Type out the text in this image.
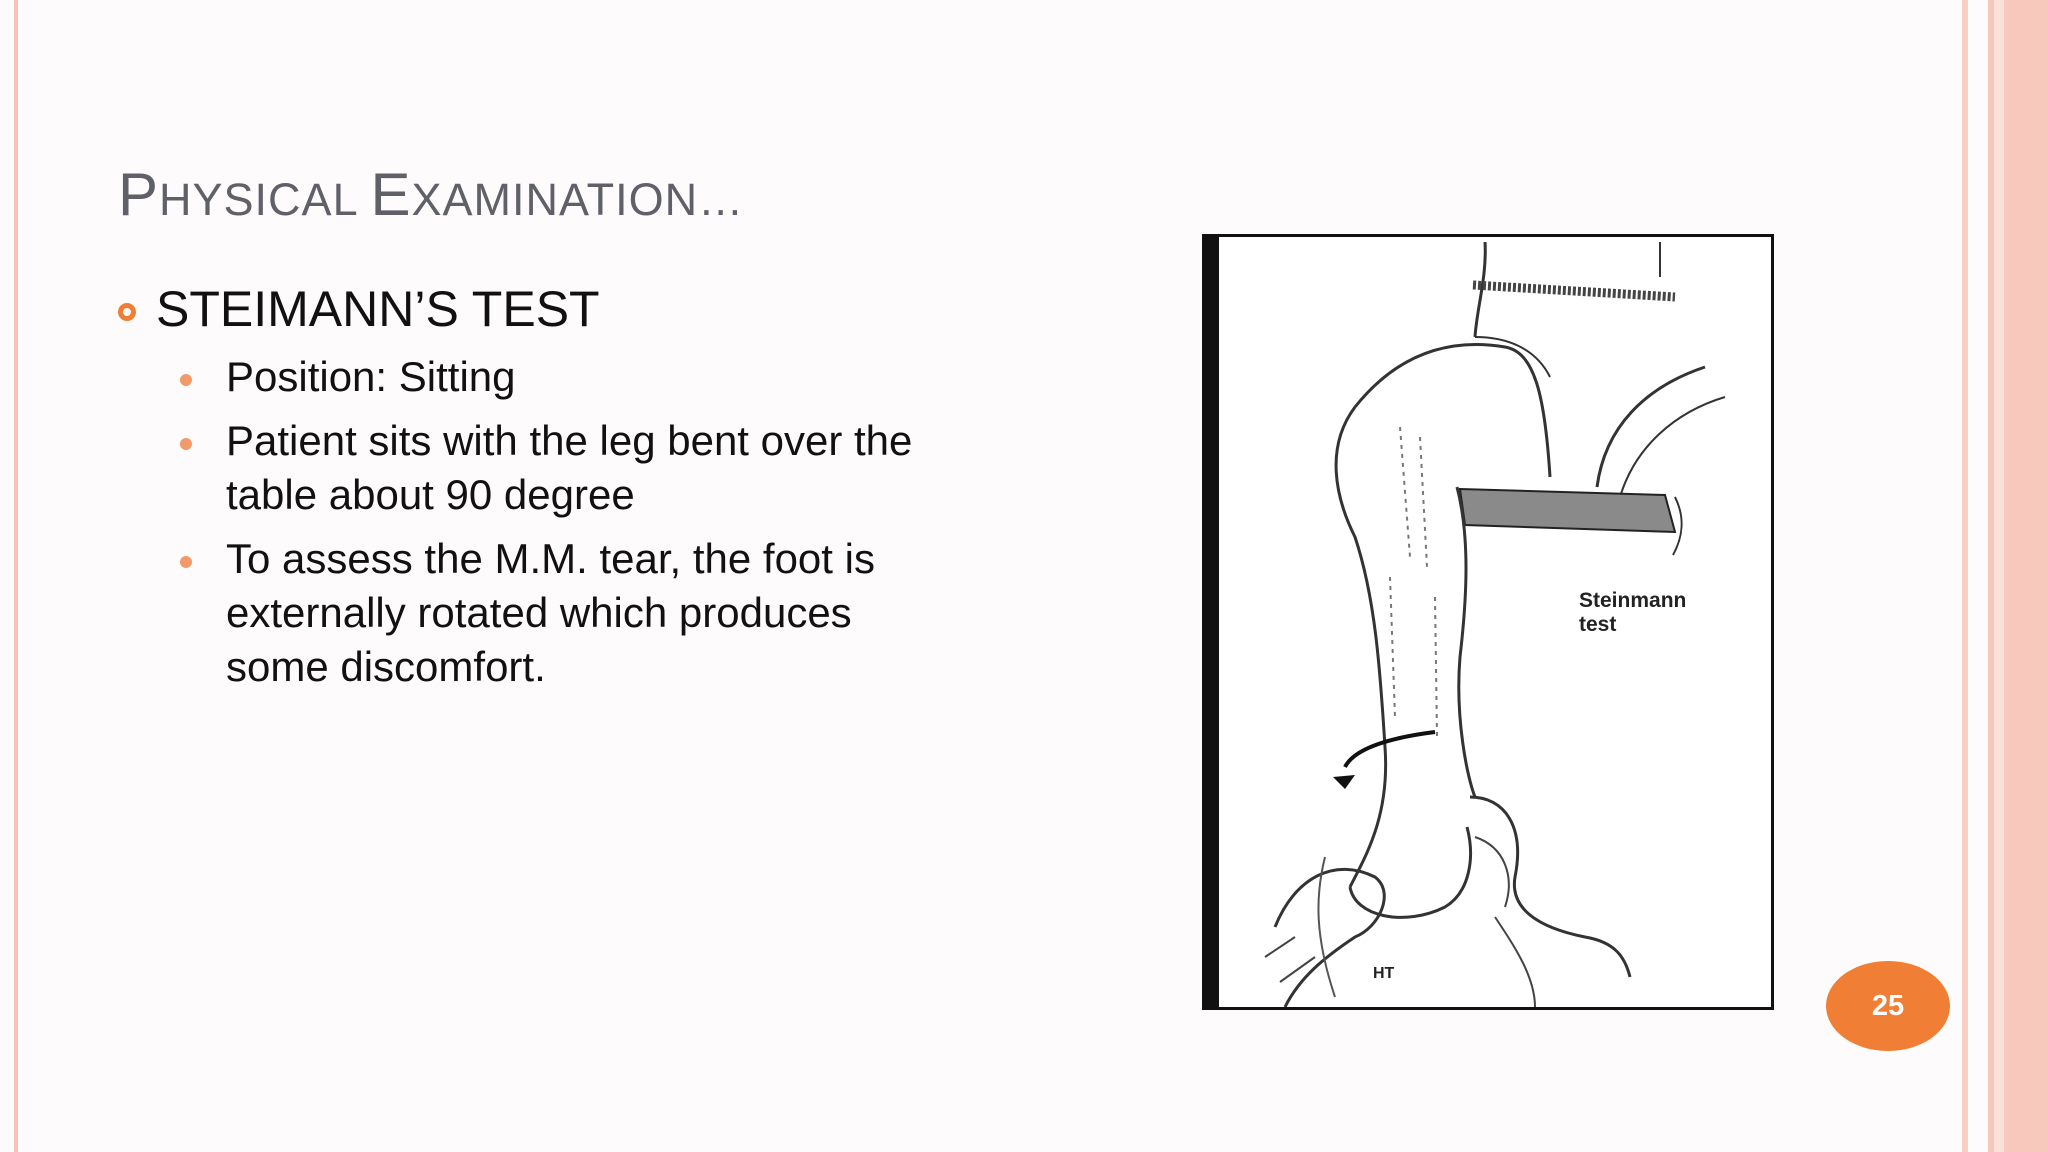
PHYSICAL EXAMINATION…
STEIMANN’S TEST
Position: Sitting
Patient sits with the leg bent over the
table about 90 degree
To assess the M.M. tear, the foot is
externally rotated which produces
some discomfort.
Steinmann
test
HT
25
